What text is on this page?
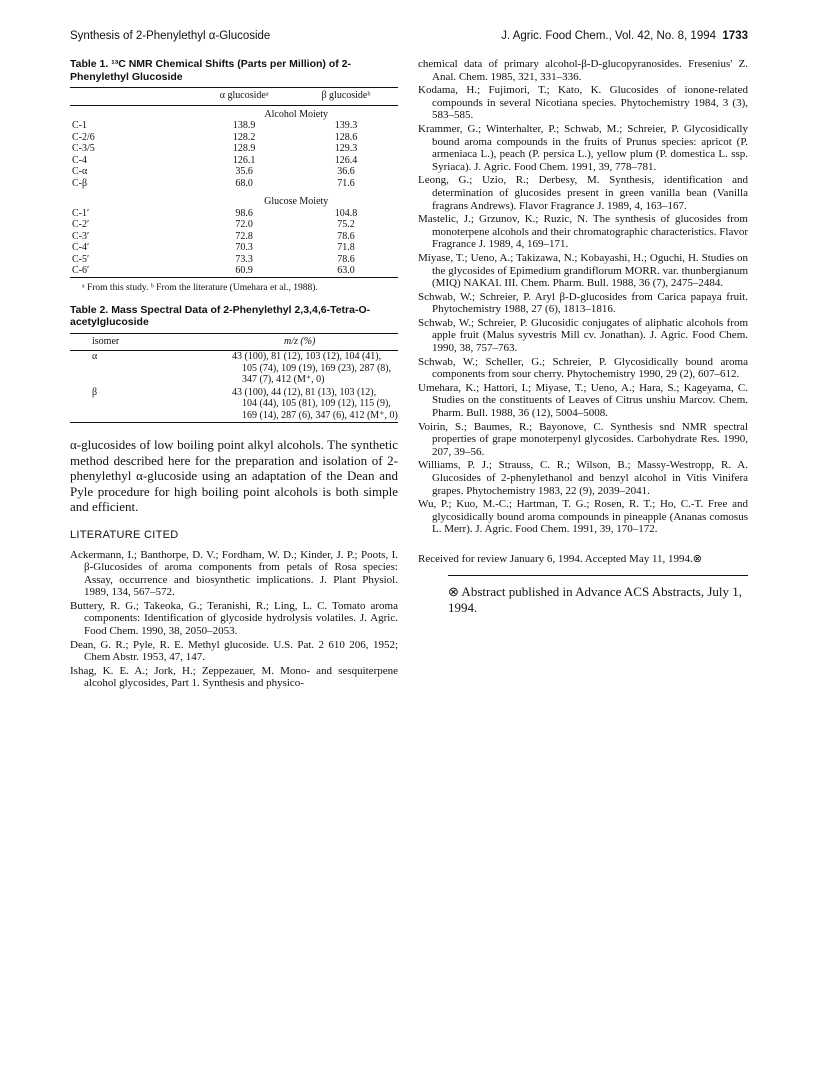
Synthesis of 2-Phenylethyl α-Glucoside	J. Agric. Food Chem., Vol. 42, No. 8, 1994 1733

Table 1. ¹³C NMR Chemical Shifts (Parts per Million) of 2-Phenylethyl Glucoside

	α glucosideᵃ	β glucosideᵇ
	Alcohol Moiety	
C-1	138.9	139.3
C-2/6	128.2	128.6
C-3/5	128.9	129.3
C-4	126.1	126.4
C-α	35.6	36.6
C-β	68.0	71.6
	Glucose Moiety	
C-1′	98.6	104.8
C-2′	72.0	75.2
C-3′	72.8	78.6
C-4′	70.3	71.8
C-5′	73.3	78.6
C-6′	60.9	63.0
ᵃ From this study. ᵇ From the literature (Umehara et al., 1988).

Table 2. Mass Spectral Data of 2-Phenylethyl 2,3,4,6-Tetra-O-acetylglucoside

isomer	m/z (%)
α	43 (100), 81 (12), 103 (12), 104 (41),
105 (74), 109 (19), 169 (23), 287 (8),
347 (7), 412 (M⁺, 0)

β	43 (100), 44 (12), 81 (13), 103 (12),
104 (44), 105 (81), 109 (12), 115 (9),
169 (14), 287 (6), 347 (6), 412 (M⁺, 0)

α-glucosides of low boiling point alkyl alcohols. The synthetic method described here for the preparation and isolation of 2-phenylethyl α-glucoside using an adaptation of the Dean and Pyle procedure for high boiling point alcohols is both simple and efficient.

LITERATURE CITED

Ackermann, I.; Banthorpe, D. V.; Fordham, W. D.; Kinder, J. P.; Poots, I. β-Glucosides of aroma components from petals of Rosa species: Assay, occurrence and biosynthetic implications. J. Plant Physiol. 1989, 134, 567–572.

Buttery, R. G.; Takeoka, G.; Teranishi, R.; Ling, L. C. Tomato aroma components: Identification of glycoside hydrolysis volatiles. J. Agric. Food Chem. 1990, 38, 2050–2053.

Dean, G. R.; Pyle, R. E. Methyl glucoside. U.S. Pat. 2 610 206, 1952; Chem Abstr. 1953, 47, 147.

Ishag, K. E. A.; Jork, H.; Zeppezauer, M. Mono- and sesquiterpene alcohol glycosides, Part 1. Synthesis and physico-

chemical data of primary alcohol-β-D-glucopyranosides. Fresenius' Z. Anal. Chem. 1985, 321, 331–336.

Kodama, H.; Fujimori, T.; Kato, K. Glucosides of ionone-related compounds in several Nicotiana species. Phytochemistry 1984, 3 (3), 583–585.

Krammer, G.; Winterhalter, P.; Schwab, M.; Schreier, P. Glycosidically bound aroma compounds in the fruits of Prunus species: apricot (P. armeniaca L.), peach (P. persica L.), yellow plum (P. domestica L. ssp. Syriaca). J. Agric. Food Chem. 1991, 39, 778–781.

Leong, G.; Uzio, R.; Derbesy, M. Synthesis, identification and determination of glucosides present in green vanilla bean (Vanilla fragrans Andrews). Flavor Fragrance J. 1989, 4, 163–167.

Mastelic, J.; Grzunov, K.; Ruzic, N. The synthesis of glucosides from monoterpene alcohols and their chromatographic characteristics. Flavor Fragrance J. 1989, 4, 169–171.

Miyase, T.; Ueno, A.; Takizawa, N.; Kobayashi, H.; Oguchi, H. Studies on the glycosides of Epimedium grandiflorum MORR. var. thunbergianum (MIQ) NAKAI. III. Chem. Pharm. Bull. 1988, 36 (7), 2475–2484.

Schwab, W.; Schreier, P. Aryl β-D-glucosides from Carica papaya fruit. Phytochemistry 1988, 27 (6), 1813–1816.

Schwab, W.; Schreier, P. Glucosidic conjugates of aliphatic alcohols from apple fruit (Malus syvestris Mill cv. Jonathan). J. Agric. Food Chem. 1990, 38, 757–763.

Schwab, W.; Scheller, G.; Schreier, P. Glycosidically bound aroma components from sour cherry. Phytochemistry 1990, 29 (2), 607–612.

Umehara, K.; Hattori, I.; Miyase, T.; Ueno, A.; Hara, S.; Kageyama, C. Studies on the constituents of Leaves of Citrus unshiu Marcov. Chem. Pharm. Bull. 1988, 36 (12), 5004–5008.

Voirin, S.; Baumes, R.; Bayonove, C. Synthesis snd NMR spectral properties of grape monoterpenyl glycosides. Carbohydrate Res. 1990, 207, 39–56.

Williams, P. J.; Strauss, C. R.; Wilson, B.; Massy-Westropp, R. A. Glucosides of 2-phenylethanol and benzyl alcohol in Vitis Vinifera grapes. Phytochemistry 1983, 22 (9), 2039–2041.

Wu, P.; Kuo, M.-C.; Hartman, T. G.; Rosen, R. T.; Ho, C.-T. Free and glycosidically bound aroma compounds in pineapple (Ananas comosus L. Merr). J. Agric. Food Chem. 1991, 39, 170–172.

Received for review January 6, 1994. Accepted May 11, 1994.⊗

⊗ Abstract published in Advance ACS Abstracts, July 1, 1994.
